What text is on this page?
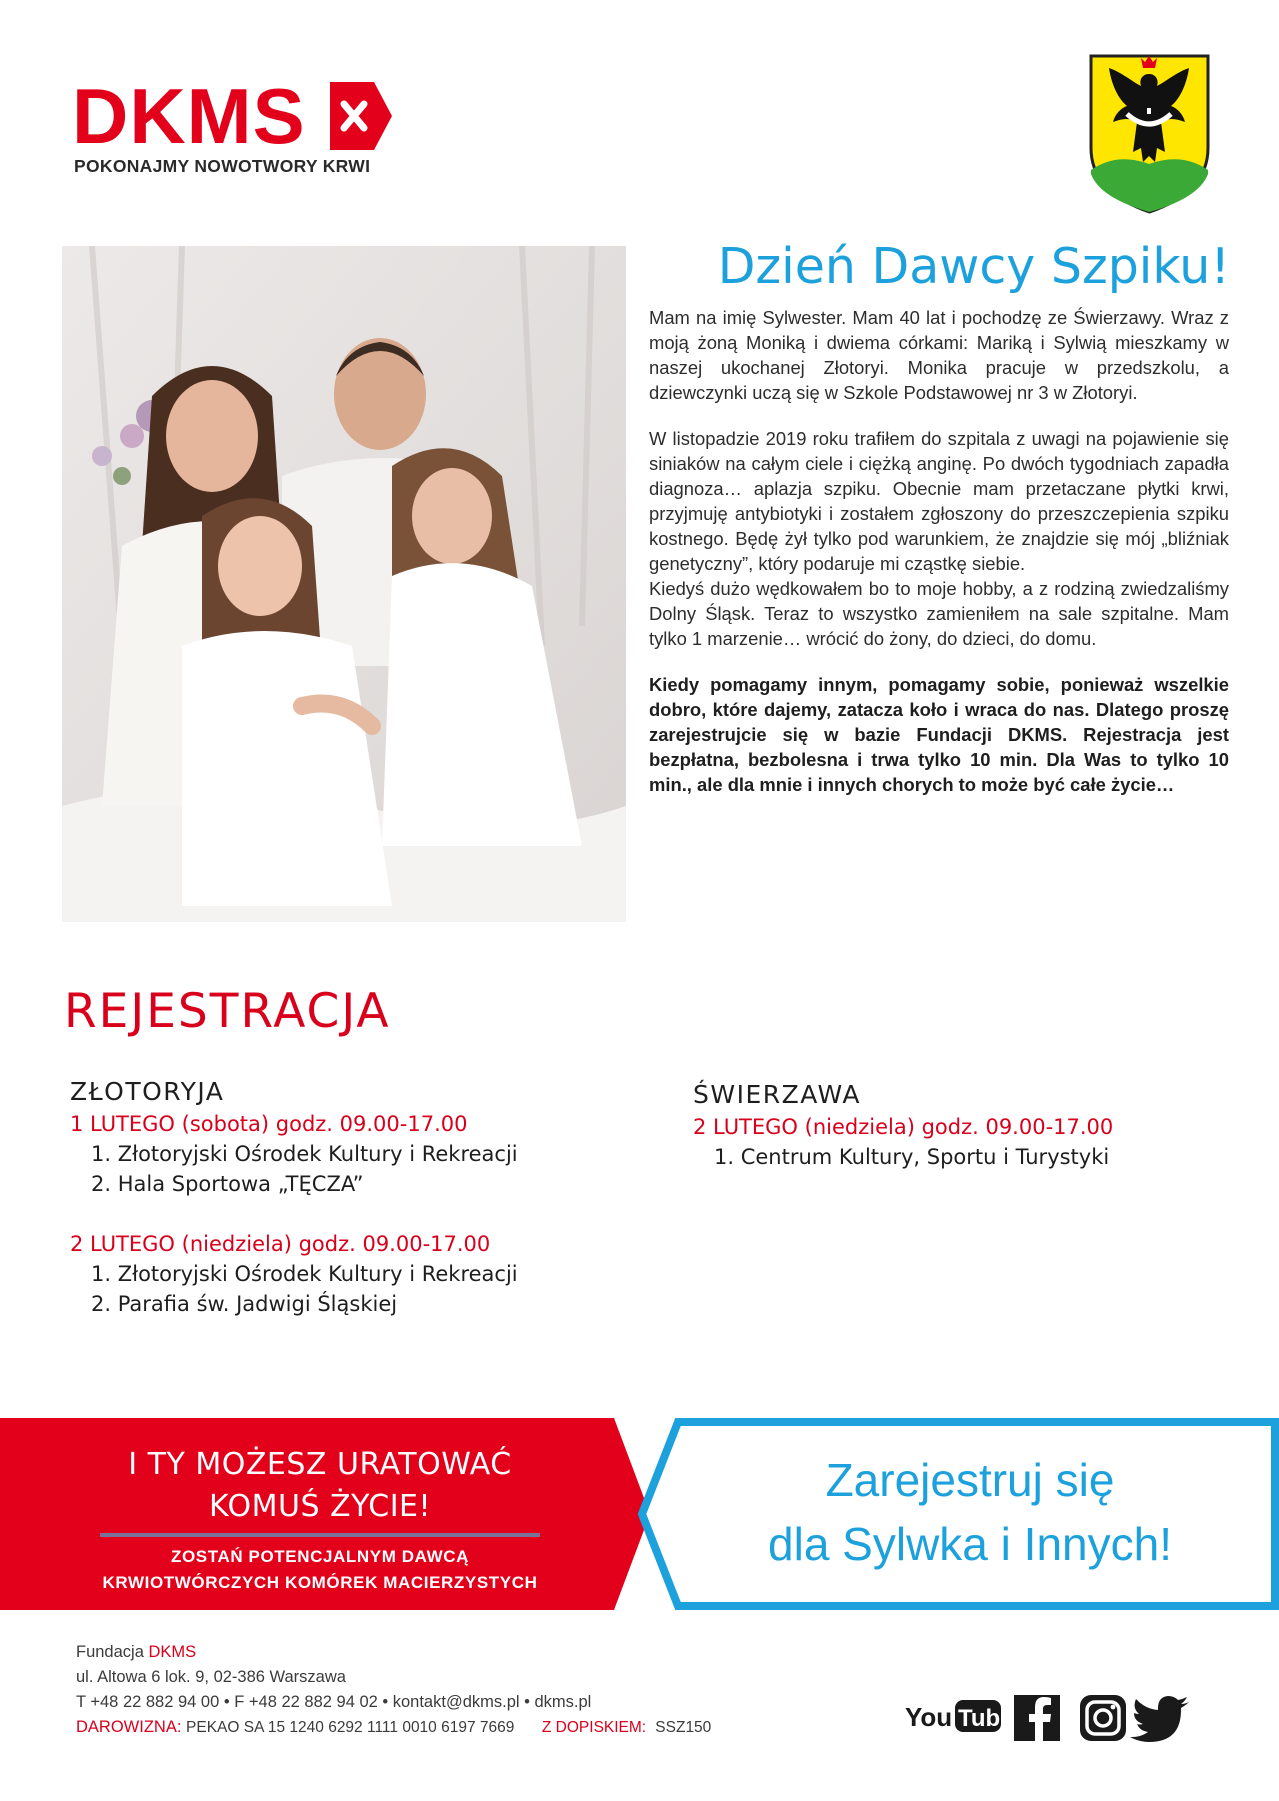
DKMS
POKONAJMY NOWOTWORY KRWI
Dzień Dawcy Szpiku!

Mam na imię Sylwester. Mam 40 lat i pochodzę ze Świerzawy. Wraz z moją żoną Moniką i dwiema córkami: Mariką i Sylwią mieszkamy w naszej ukochanej Złotoryi. Monika pracuje w przedszkolu, a dziewczynki uczą się w Szkole Podstawowej nr 3 w Złotoryi.

W listopadzie 2019 roku trafiłem do szpitala z uwagi na pojawienie się siniaków na całym ciele i ciężką anginę. Po dwóch tygodniach zapadła diagnoza… aplazja szpiku. Obecnie mam przetaczane płytki krwi, przyjmuję antybiotyki i zostałem zgłoszony do przeszczepienia szpiku kostnego. Będę żył tylko pod warunkiem, że znajdzie się mój „bliźniak genetyczny”, który podaruje mi cząstkę siebie.

Kiedyś dużo wędkowałem bo to moje hobby, a z rodziną zwiedzaliśmy Dolny Śląsk. Teraz to wszystko zamieniłem na sale szpitalne. Mam tylko 1 marzenie… wrócić do żony, do dzieci, do domu.

Kiedy pomagamy innym, pomagamy sobie, ponieważ wszelkie dobro, które dajemy, zatacza koło i wraca do nas. Dlatego proszę zarejestrujcie się w bazie Fundacji DKMS. Rejestracja jest bezpłatna, bezbolesna i trwa tylko 10 min. Dla Was to tylko 10 min., ale dla mnie i innych chorych to może być całe życie…

REJESTRACJA
ZŁOTORYJA
1 LUTEGO (sobota) godz. 09.00-17.00
1. Złotoryjski Ośrodek Kultury i Rekreacji
2. Hala Sportowa „TĘCZA”
2 LUTEGO (niedziela) godz. 09.00-17.00
1. Złotoryjski Ośrodek Kultury i Rekreacji
2. Parafia św. Jadwigi Śląskiej
ŚWIERZAWA
2 LUTEGO (niedziela) godz. 09.00-17.00
1. Centrum Kultury, Sportu i Turystyki
I TY MOŻESZ URATOWAĆ
KOMUŚ ŻYCIE!
ZOSTAŃ POTENCJALNYM DAWCĄ
KRWIOTWÓRCZYCH KOMÓREK MACIERZYSTYCH
Zarejestruj się
dla Sylwka i Innych!
Fundacja DKMS
ul. Altowa 6 lok. 9, 02-386 Warszawa
T +48 22 882 94 00 • F +48 22 882 94 02 • kontakt@dkms.pl • dkms.pl
DAROWIZNA: PEKAO SA 15 1240 6292 1111 0010 6197 7669 Z DOPISKIEM: SSZ150	You Tube
